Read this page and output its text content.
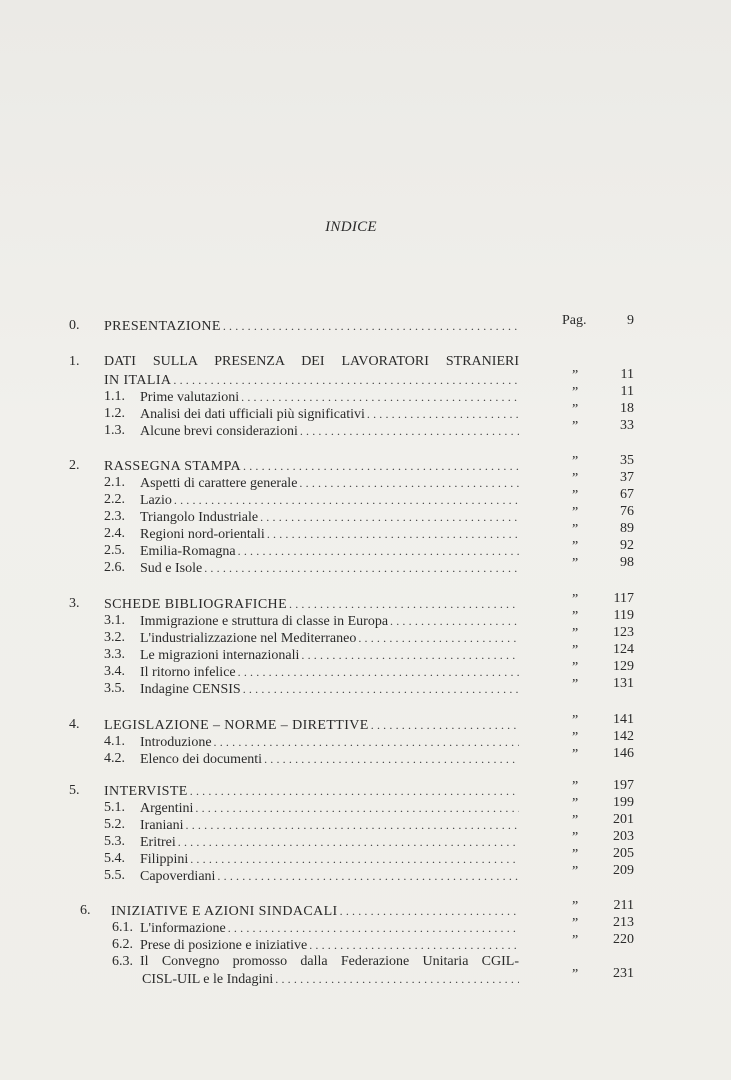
INDICE
0. PRESENTAZIONE .....	Pag.	9
1. DATI SULLA PRESENZA DEI LAVORATORI STRANIERI
IN ITALIA .....	”	11
1.1. Prime valutazioni .....	”	11
1.2. Analisi dei dati ufficiali più significativi .....	”	18
1.3. Alcune brevi considerazioni .....	”	33
2. RASSEGNA STAMPA .....	”	35
2.1. Aspetti di carattere generale .....	”	37
2.2. Lazio .....	”	67
2.3. Triangolo Industriale .....	”	76
2.4. Regioni nord-orientali .....	”	89
2.5. Emilia-Romagna .....	”	92
2.6. Sud e Isole .....	”	98
3. SCHEDE BIBLIOGRAFICHE .....	”	117
3.1. Immigrazione e struttura di classe in Europa .....	”	119
3.2. L'industrializzazione nel Mediterraneo .....	” 123
3.3. Le migrazioni internazionali .....	” 124
3.4. Il ritorno infelice .....	” 129
3.5. Indagine CENSIS .....	” 131
4. LEGISLAZIONE – NORME – DIRETTIVE .....	” 141
4.1. Introduzione .....	” 142
4.2. Elenco dei documenti .....	” 146
5. INTERVISTE .....	” 197
5.1. Argentini .....	” 199
5.2. Iraniani .....	” 201
5.3. Eritrei .....	” 203
5.4. Filippini .....	” 205
5.5. Capoverdiani .....	” 209
6. INIZIATIVE E AZIONI SINDACALI .....	”	211
6.1. L'informazione .....	” 213
6.2. Prese di posizione e iniziative .....	” 220
6.3. Il Convegno promosso dalla Federazione Unitaria CGIL-
CISL-UIL e le Indagini .....	” 231
